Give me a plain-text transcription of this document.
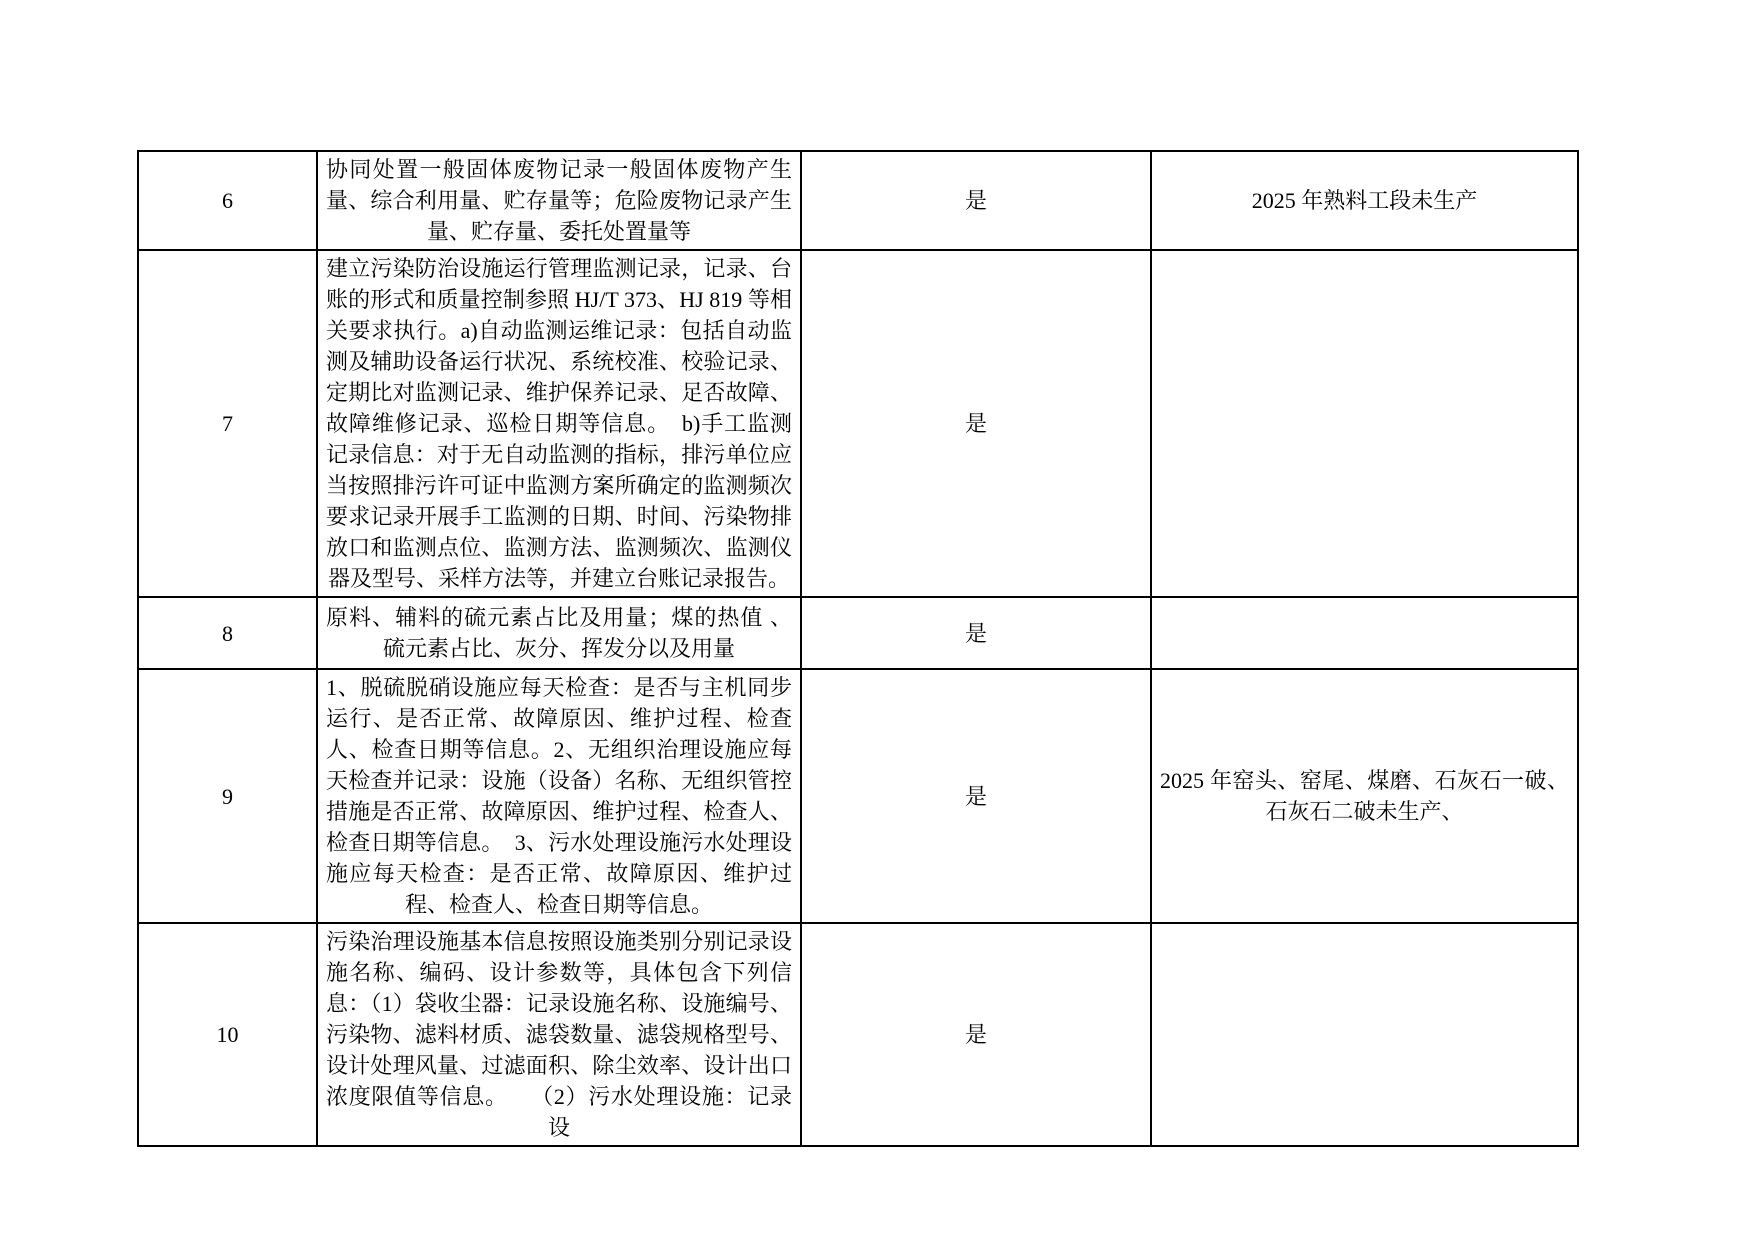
6	协同处置一般固体废物记录一般固体废物产生量、综合利用量、贮存量等；危险废物记录产生量、贮存量、委托处置量等	是	2025 年熟料工段未生产
7	建立污染防治设施运行管理监测记录，记录、台账的形式和质量控制参照 HJ/T 373、HJ 819 等相关要求执行。a)自动监测运维记录：包括自动监测及辅助设备运行状况、系统校准、校验记录、定期比对监测记录、维护保养记录、足否故障、故障维修记录、巡检日期等信息。　b)手工监测记录信息：对于无自动监测的指标，排污单位应当按照排污许可证中监测方案所确定的监测频次要求记录开展手工监测的日期、时间、污染物排放口和监测点位、监测方法、监测频次、监测仪器及型号、采样方法等，并建立台账记录报告。	是	
8	原料、辅料的硫元素占比及用量；煤的热值 、硫元素占比、灰分、挥发分以及用量	是	
9	1、脱硫脱硝设施应每天检查：是否与主机同步运行、是否正常、故障原因、维护过程、检查人、检查日期等信息。2、无组织治理设施应每天检查并记录：设施（设备）名称、无组织管控措施是否正常、故障原因、维护过程、检查人、检查日期等信息。　3、污水处理设施污水处理设施应每天检查：是否正常、故障原因、维护过程、检查人、检查日期等信息。	是	2025 年窑头、窑尾、煤磨、石灰石一破、石灰石二破未生产、
10	污染治理设施基本信息按照设施类别分别记录设施名称、编码、设计参数等，具体包含下列信息：（1）袋收尘器：记录设施名称、设施编号、污染物、滤料材质、滤袋数量、滤袋规格型号、设计处理风量、过滤面积、除尘效率、设计出口浓度限值等信息。　　（2）污水处理设施：记录设	是	
